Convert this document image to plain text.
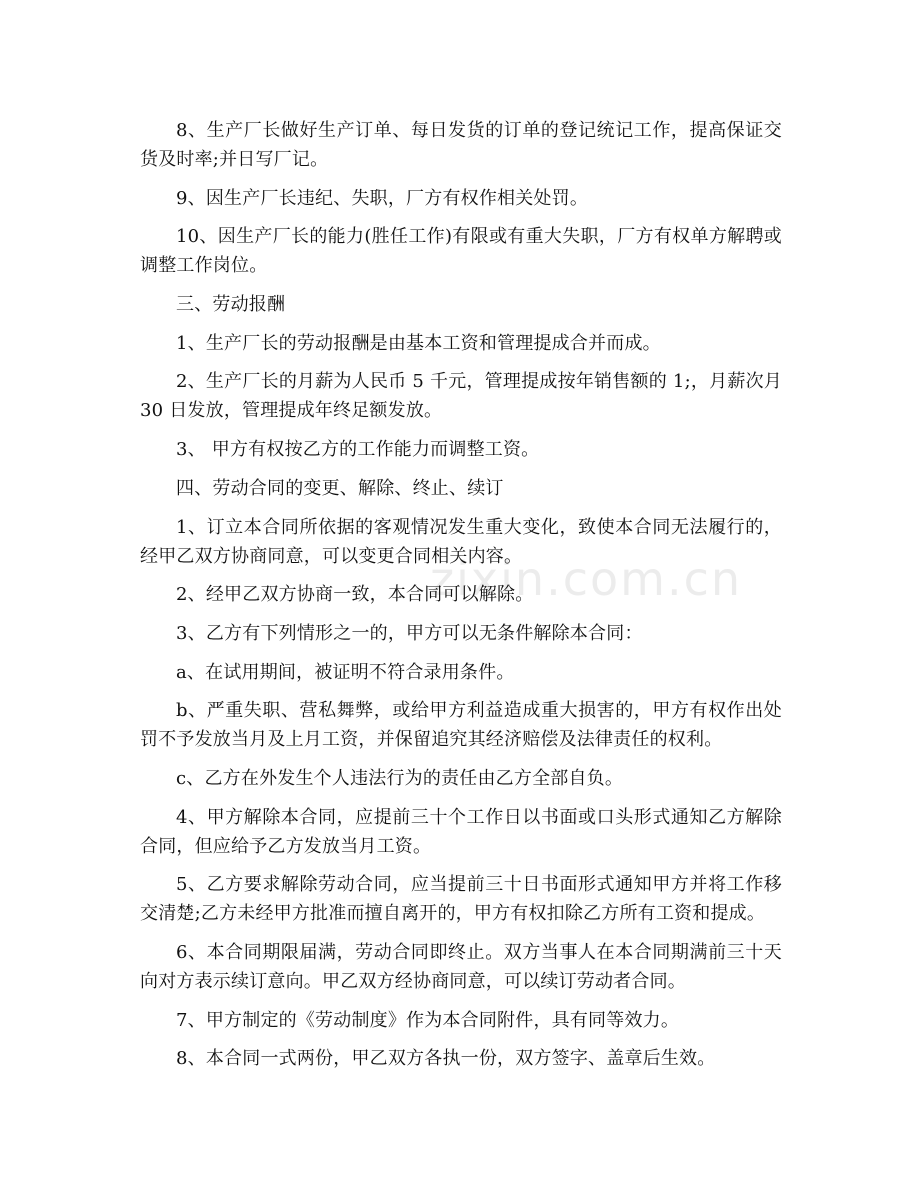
zixin.com.cn

8、生产厂长做好生产订单、每日发货的订单的登记统记工作，提高保证交货及时率;并日写厂记。

9、因生产厂长违纪、失职，厂方有权作相关处罚。

10、因生产厂长的能力(胜任工作)有限或有重大失职，厂方有权单方解聘或调整工作岗位。

三、劳动报酬

1、生产厂长的劳动报酬是由基本工资和管理提成合并而成。

2、生产厂长的月薪为人民币 5 千元，管理提成按年销售额的 1;，月薪次月 30 日发放，管理提成年终足额发放。

3、 甲方有权按乙方的工作能力而调整工资。

四、劳动合同的变更、解除、终止、续订

1、订立本合同所依据的客观情况发生重大变化，致使本合同无法履行的，经甲乙双方协商同意，可以变更合同相关内容。

2、经甲乙双方协商一致，本合同可以解除。

3、乙方有下列情形之一的，甲方可以无条件解除本合同：

a、在试用期间，被证明不符合录用条件。

b、严重失职、营私舞弊，或给甲方利益造成重大损害的，甲方有权作出处罚不予发放当月及上月工资，并保留追究其经济赔偿及法律责任的权利。

c、乙方在外发生个人违法行为的责任由乙方全部自负。

4、甲方解除本合同，应提前三十个工作日以书面或口头形式通知乙方解除合同，但应给予乙方发放当月工资。

5、乙方要求解除劳动合同，应当提前三十日书面形式通知甲方并将工作移交清楚;乙方未经甲方批准而擅自离开的，甲方有权扣除乙方所有工资和提成。

6、本合同期限届满，劳动合同即终止。双方当事人在本合同期满前三十天向对方表示续订意向。甲乙双方经协商同意，可以续订劳动者合同。

7、甲方制定的《劳动制度》作为本合同附件，具有同等效力。

8、本合同一式两份，甲乙双方各执一份，双方签字、盖章后生效。
